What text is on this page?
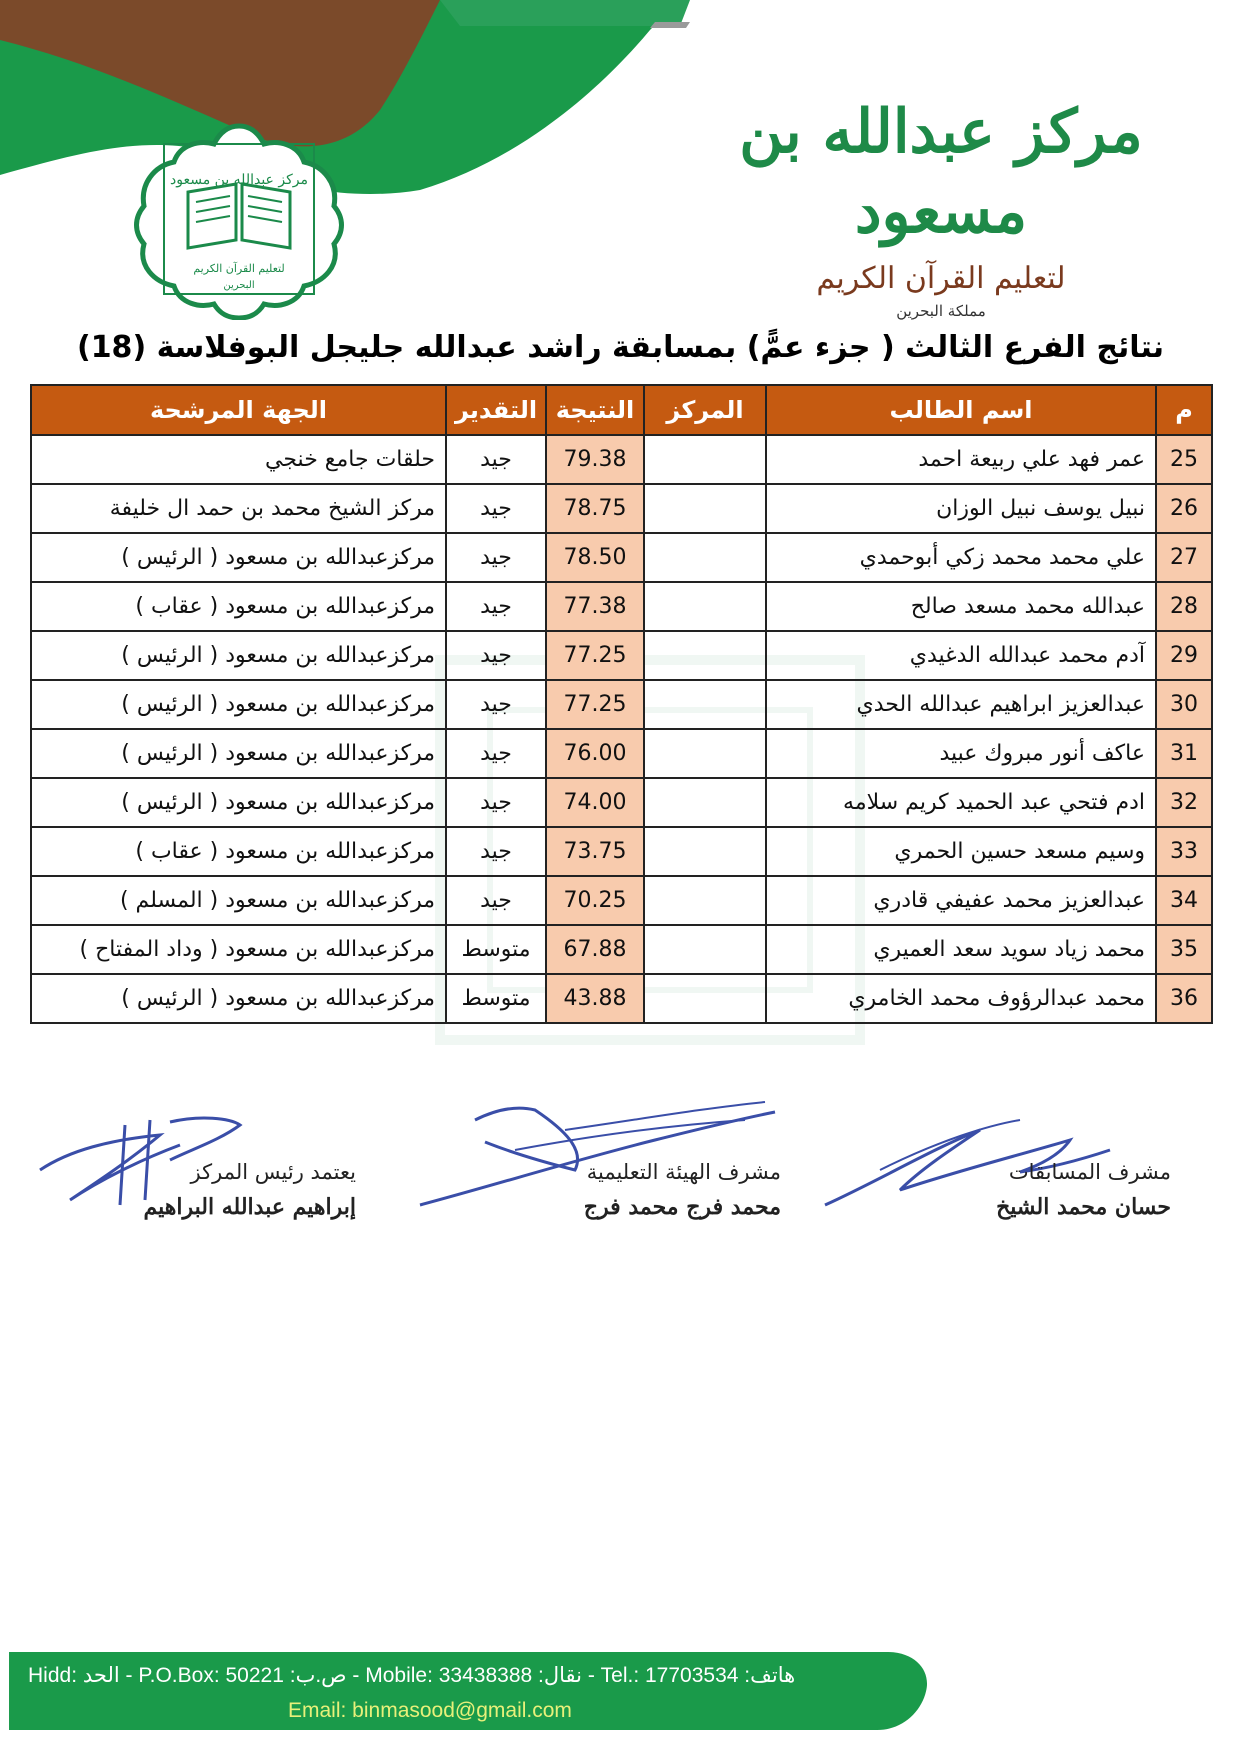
مركز عبدالله بن مسعود
لتعليم القرآن الكريم
البحرين
مركز عبدالله بن مسعود
لتعليم القرآن الكريم
مملكة البحرين
نتائج الفرع الثالث ( جزء عمًّ) بمسابقة راشد عبدالله جليجل البوفلاسة (18)
م	اسم الطالب	المركز	النتيجة	التقدير	الجهة المرشحة
25	عمر فهد علي ربيعة احمد		79.38	جيد	حلقات جامع خنجي
26	نبيل يوسف نبيل الوزان		78.75	جيد	مركز الشيخ محمد بن حمد ال خليفة
27	علي محمد محمد زكي أبوحمدي		78.50	جيد	مركزعبدالله بن مسعود ( الرئيس )
28	عبدالله محمد مسعد صالح		77.38	جيد	مركزعبدالله بن مسعود ( عقاب )
29	آدم محمد عبدالله الدغيدي		77.25	جيد	مركزعبدالله بن مسعود ( الرئيس )
30	عبدالعزيز ابراهيم عبدالله الحدي		77.25	جيد	مركزعبدالله بن مسعود ( الرئيس )
31	عاكف أنور مبروك عبيد		76.00	جيد	مركزعبدالله بن مسعود ( الرئيس )
32	ادم فتحي عبد الحميد كريم سلامه		74.00	جيد	مركزعبدالله بن مسعود ( الرئيس )
33	وسيم مسعد حسين الحمري		73.75	جيد	مركزعبدالله بن مسعود ( عقاب )
34	عبدالعزيز محمد عفيفي قادري		70.25	جيد	مركزعبدالله بن مسعود ( المسلم )
35	محمد زياد سويد سعد العميري		67.88	متوسط	مركزعبدالله بن مسعود ( وداد المفتاح )
36	محمد عبدالرؤوف محمد الخامري		43.88	متوسط	مركزعبدالله بن مسعود ( الرئيس )
مشرف المسابقات
حسان محمد الشيخ
مشرف الهيئة التعليمية
محمد فرج محمد فرج
يعتمد رئيس المركز
إبراهيم عبدالله البراهيم
Hidd: الحد - P.O.Box: 50221 :ص.ب - Mobile: 33438388 :نقال - Tel.: 17703534 :هاتف
Email: binmasood@gmail.com
